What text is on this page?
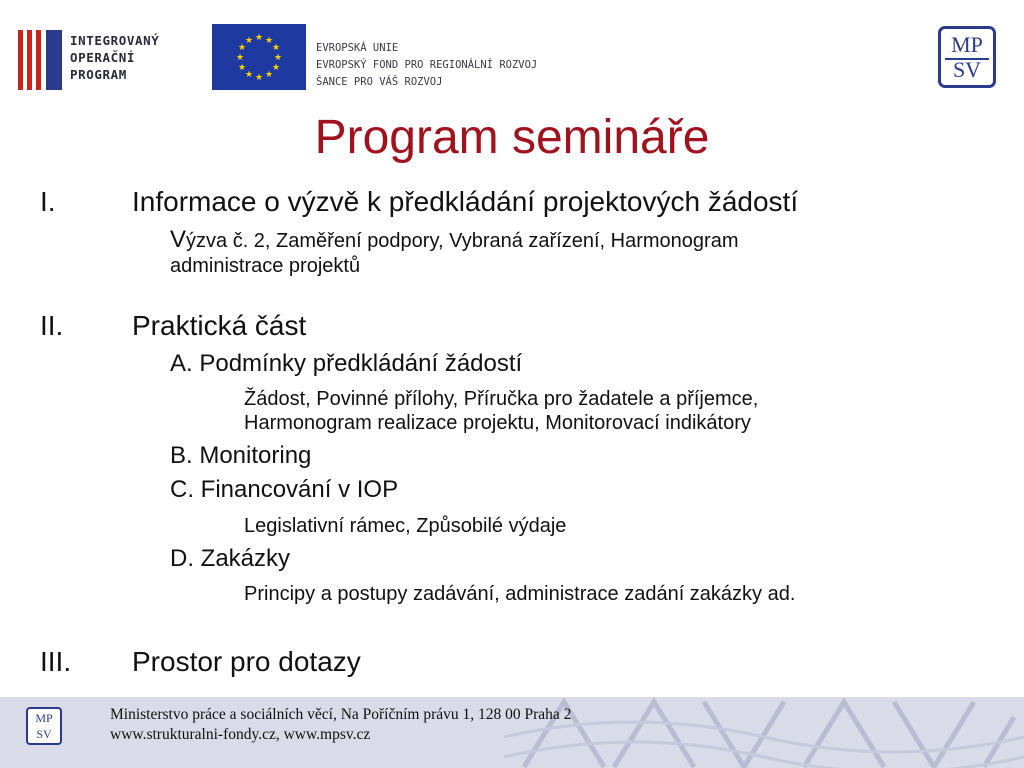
INTEGROVANÝ
OPERAČNÍ
PROGRAM
★ ★
★
★
★
★
★
★
★
★
★
★
EVROPSKÁ UNIE
EVROPSKÝ FOND PRO REGIONÁLNÍ ROZVOJ
ŠANCE PRO VÁŠ ROZVOJ
MP
SV
Program semináře
I.	Informace o výzvě k předkládání projektových žádostí
Výzva č. 2, Zaměření podpory, Vybraná zařízení, Harmonogram
administrace projektů
II. Praktická část
A. Podmínky předkládání žádostí
Žádost, Povinné přílohy, Příručka pro žadatele a příjemce,
Harmonogram realizace projektu, Monitorovací indikátory
B. Monitoring
C. Financování v IOP
Legislativní rámec, Způsobilé výdaje
D. Zakázky
Principy a postupy zadávání, administrace zadání zakázky ad.
III. Prostor pro dotazy
MP
SV
Ministerstvo práce a sociálních věcí, Na Poříčním právu 1, 128 00 Praha 2
www.strukturalni-fondy.cz, www.mpsv.cz
